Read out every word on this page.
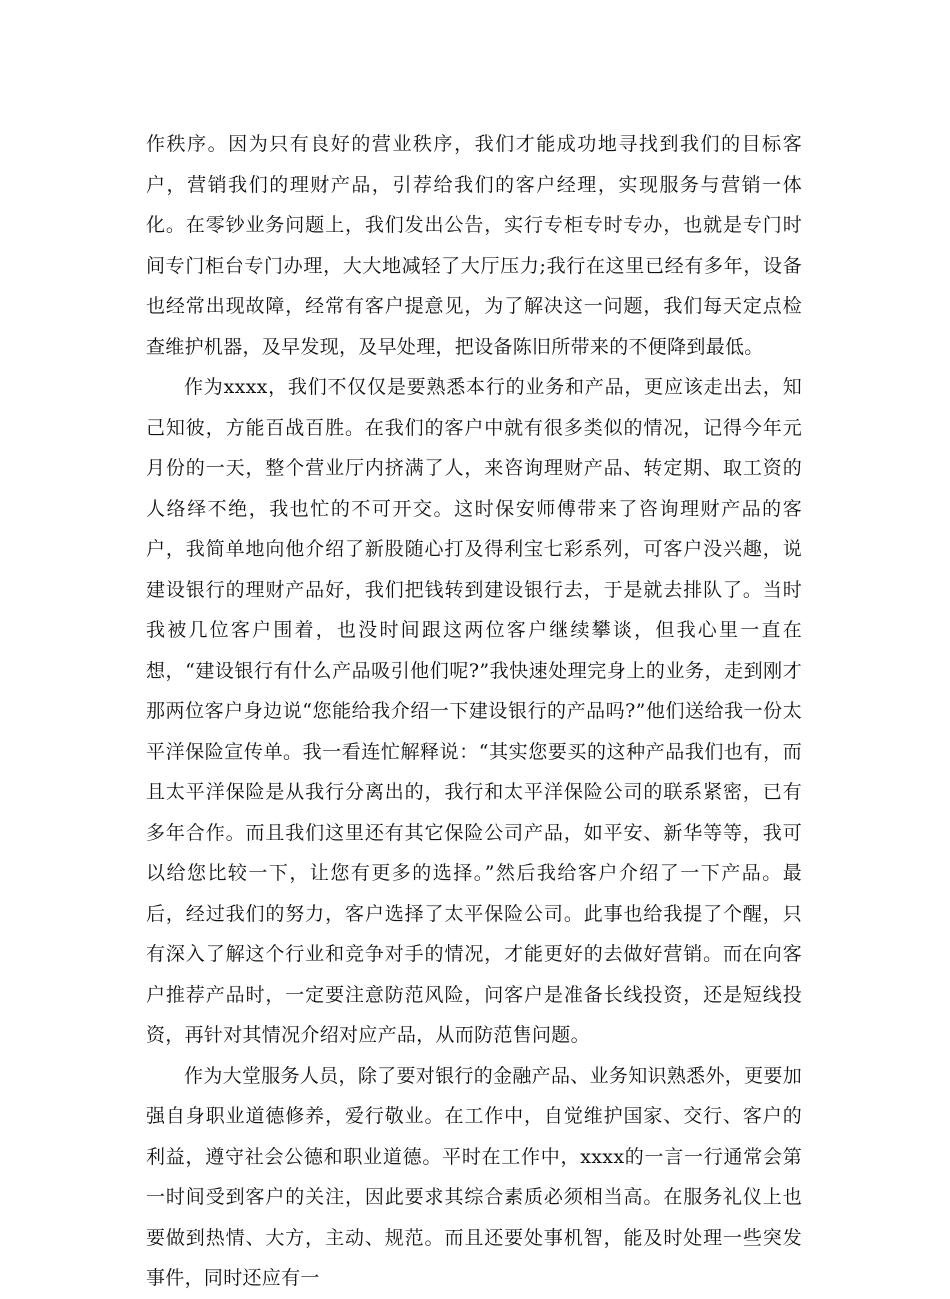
作秩序。因为只有良好的营业秩序，我们才能成功地寻找到我们的目标客户，营销我们的理财产品，引荐给我们的客户经理，实现服务与营销一体化。在零钞业务问题上，我们发出公告，实行专柜专时专办，也就是专门时间专门柜台专门办理，大大地减轻了大厅压力;我行在这里已经有多年，设备也经常出现故障，经常有客户提意见，为了解决这一问题，我们每天定点检查维护机器，及早发现，及早处理，把设备陈旧所带来的不便降到最低。

作为xxxx，我们不仅仅是要熟悉本行的业务和产品，更应该走出去，知己知彼，方能百战百胜。在我们的客户中就有很多类似的情况，记得今年元月份的一天，整个营业厅内挤满了人，来咨询理财产品、转定期、取工资的人络绎不绝，我也忙的不可开交。这时保安师傅带来了咨询理财产品的客户，我简单地向他介绍了新股随心打及得利宝七彩系列，可客户没兴趣，说建设银行的理财产品好，我们把钱转到建设银行去，于是就去排队了。当时我被几位客户围着，也没时间跟这两位客户继续攀谈，但我心里一直在想，“建设银行有什么产品吸引他们呢?”我快速处理完身上的业务，走到刚才那两位客户身边说“您能给我介绍一下建设银行的产品吗?”他们送给我一份太平洋保险宣传单。我一看连忙解释说：“其实您要买的这种产品我们也有，而且太平洋保险是从我行分离出的，我行和太平洋保险公司的联系紧密，已有多年合作。而且我们这里还有其它保险公司产品，如平安、新华等等，我可以给您比较一下，让您有更多的选择。”然后我给客户介绍了一下产品。最后，经过我们的努力，客户选择了太平保险公司。此事也给我提了个醒，只有深入了解这个行业和竞争对手的情况，才能更好的去做好营销。而在向客户推荐产品时，一定要注意防范风险，问客户是准备长线投资，还是短线投资，再针对其情况介绍对应产品，从而防范售问题。

作为大堂服务人员，除了要对银行的金融产品、业务知识熟悉外，更要加强自身职业道德修养，爱行敬业。在工作中，自觉维护国家、交行、客户的利益，遵守社会公德和职业道德。平时在工作中，xxxx的一言一行通常会第一时间受到客户的关注，因此要求其综合素质必须相当高。在服务礼仪上也要做到热情、大方，主动、规范。而且还要处事机智，能及时处理一些突发事件，同时还应有一
